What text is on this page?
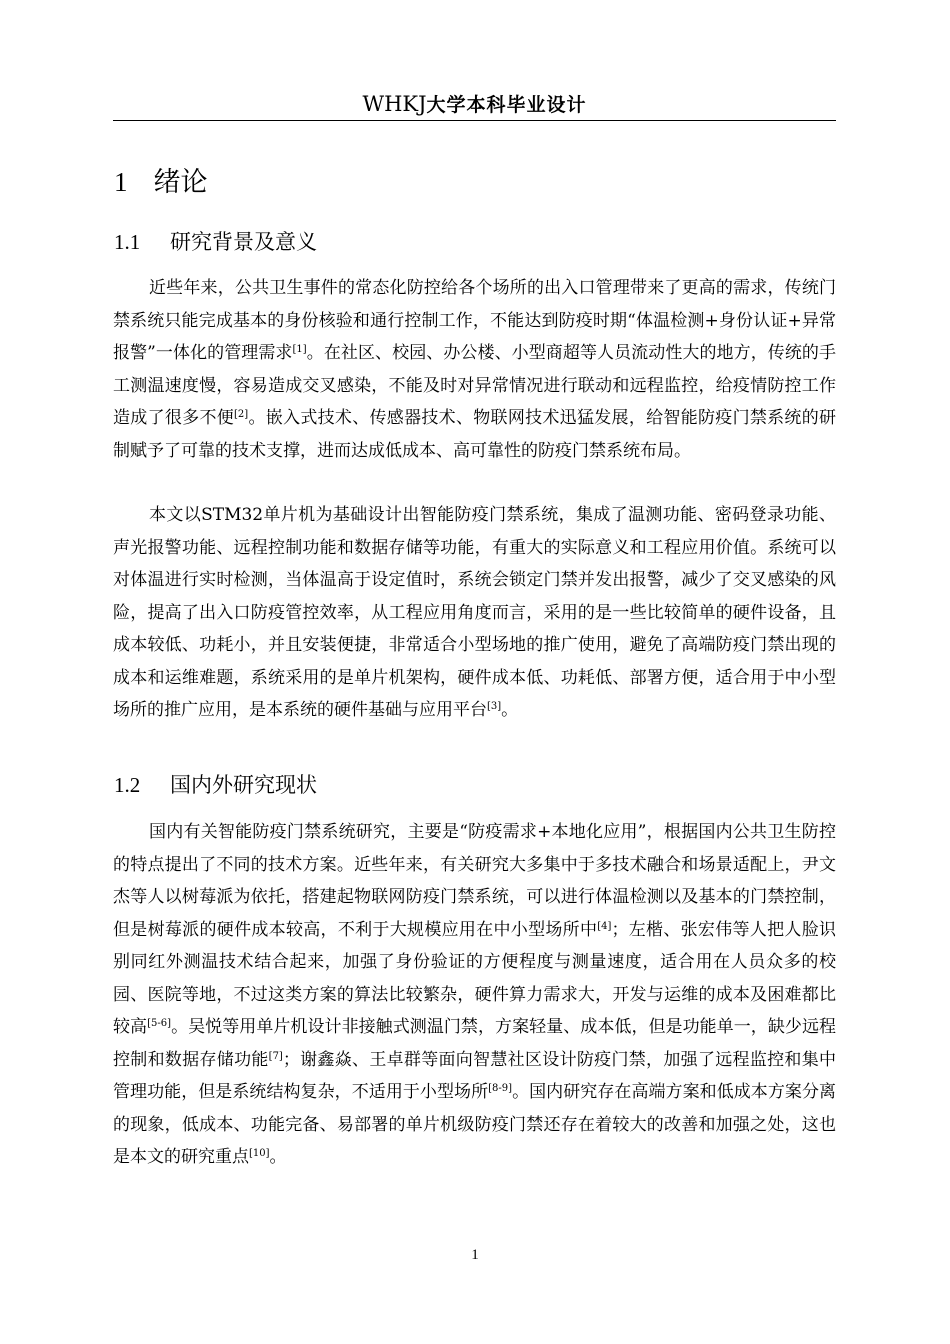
WHKJ大学本科毕业设计
1 绪论
1.1 研究背景及意义

近些年来，公共卫生事件的常态化防控给各个场所的出入口管理带来了更高的需求，传统门禁系统只能完成基本的身份核验和通行控制工作，不能达到防疫时期“体温检测+身份认证+异常报警”一体化的管理需求[1]。在社区、校园、办公楼、小型商超等人员流动性大的地方，传统的手工测温速度慢，容易造成交叉感染，不能及时对异常情况进行联动和远程监控，给疫情防控工作造成了很多不便[2]。嵌入式技术、传感器技术、物联网技术迅猛发展，给智能防疫门禁系统的研制赋予了可靠的技术支撑，进而达成低成本、高可靠性的防疫门禁系统布局。

本文以STM32单片机为基础设计出智能防疫门禁系统，集成了温测功能、密码登录功能、声光报警功能、远程控制功能和数据存储等功能，有重大的实际意义和工程应用价值。系统可以对体温进行实时检测，当体温高于设定值时，系统会锁定门禁并发出报警，减少了交叉感染的风险，提高了出入口防疫管控效率，从工程应用角度而言，采用的是一些比较简单的硬件设备，且成本较低、功耗小，并且安装便捷，非常适合小型场地的推广使用，避免了高端防疫门禁出现的成本和运维难题，系统采用的是单片机架构，硬件成本低、功耗低、部署方便，适合用于中小型场所的推广应用，是本系统的硬件基础与应用平台[3]。

1.2 国内外研究现状

国内有关智能防疫门禁系统研究，主要是“防疫需求+本地化应用”，根据国内公共卫生防控的特点提出了不同的技术方案。近些年来，有关研究大多集中于多技术融合和场景适配上，尹文杰等人以树莓派为依托，搭建起物联网防疫门禁系统，可以进行体温检测以及基本的门禁控制，但是树莓派的硬件成本较高，不利于大规模应用在中小型场所中[4]；左楷、张宏伟等人把人脸识别同红外测温技术结合起来，加强了身份验证的方便程度与测量速度，适合用在人员众多的校园、医院等地，不过这类方案的算法比较繁杂，硬件算力需求大，开发与运维的成本及困难都比较高[5-6]。吴悦等用单片机设计非接触式测温门禁，方案轻量、成本低，但是功能单一，缺少远程控制和数据存储功能[7]；谢鑫焱、王卓群等面向智慧社区设计防疫门禁，加强了远程监控和集中管理功能，但是系统结构复杂，不适用于小型场所[8-9]。国内研究存在高端方案和低成本方案分离的现象，低成本、功能完备、易部署的单片机级防疫门禁还存在着较大的改善和加强之处，这也是本文的研究重点[10]。

1
